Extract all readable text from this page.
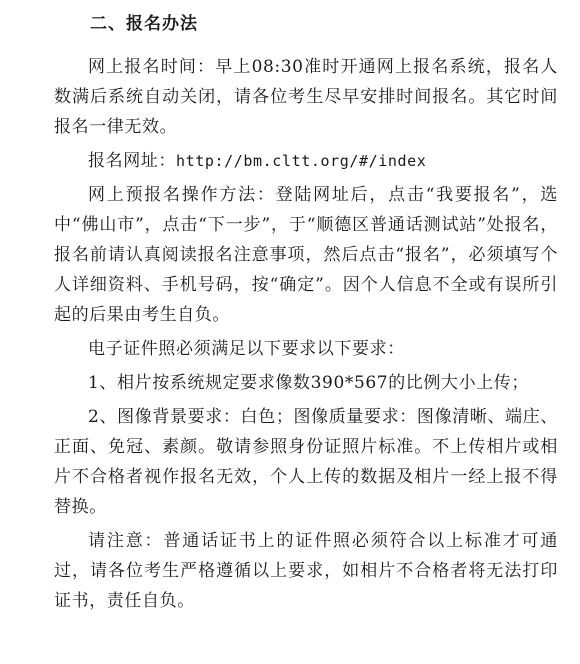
二、报名办法

网上报名时间：早上08:30准时开通网上报名系统，报名人数满后系统自动关闭，请各位考生尽早安排时间报名。其它时间报名一律无效。

报名网址：http://bm.cltt.org/#/index

网上预报名操作方法：登陆网址后，点击“我要报名”，选中“佛山市”，点击“下一步”，于“顺德区普通话测试站”处报名，报名前请认真阅读报名注意事项，然后点击“报名”，必须填写个人详细资料、手机号码，按“确定”。因个人信息不全或有误所引起的后果由考生自负。

电子证件照必须满足以下要求以下要求：

1、相片按系统规定要求像数390*567的比例大小上传；

2、图像背景要求：白色；图像质量要求：图像清晰、端庄、正面、免冠、素颜。敬请参照身份证照片标准。不上传相片或相片不合格者视作报名无效，个人上传的数据及相片一经上报不得替换。

请注意：普通话证书上的证件照必须符合以上标准才可通过，请各位考生严格遵循以上要求，如相片不合格者将无法打印证书，责任自负。
